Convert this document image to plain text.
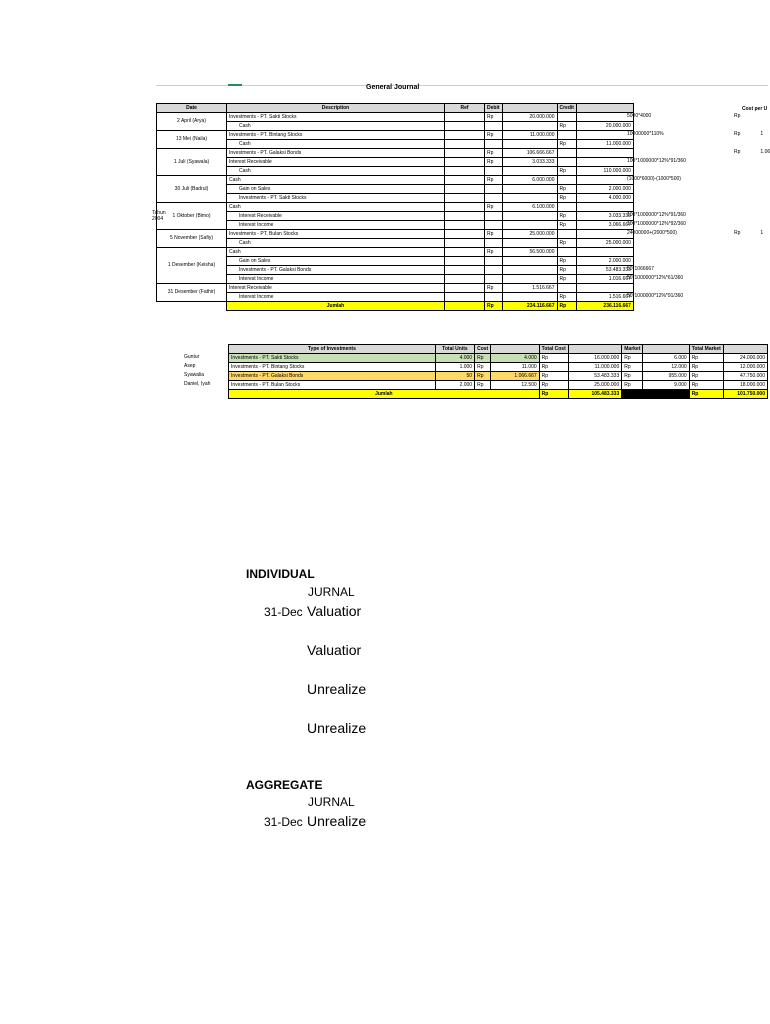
General Journal
Cost per U
Tahun
2004
Date	Description	Ref	Debit		Credit	
2 April (Arya)	Investments - PT. Sakti Stocks		Rp	20.000.000		
	Cash				Rp	20.000.000
13 Mei (Naila)	Investments - PT. Bintang Stocks		Rp	11.000.000		
	Cash				Rp	11.000.000
1 Juli (Syawala)	Investments - PT. Galaksi Bonds		Rp	106.666.667		
	Interest Receivable		Rp	3.033.333		
	Cash				Rp	110.000.000
30 Juli (Badrul)	Cash		Rp	6.000.000		
	Gain on Sales				Rp	2.000.000
	Investments - PT. Sakti Stocks				Rp	4.000.000
1 Oktober (Bimo)	Cash		Rp	6.100.000		
	Interest Receivable				Rp	3.033.333
	Interest Income				Rp	3.066.667
5 November (Safiy)	Investments - PT. Bulan Stocks		Rp	25.000.000		
	Cash				Rp	25.000.000
1 Desember (Keisha)	Cash		Rp	56.500.000		
	Gain on Sales				Rp	2.000.000
	Investments - PT. Galaksi Bonds				Rp	53.483.333
	Interest Income				Rp	1.016.667
31 Desember (Fathir)	Interest Receivable		Rp	1.516.667		
	Interest Income				Rp	1.516.667
	Jumlah		Rp	234.116.667	Rp	236.116.667
5000*4000
10000000*110%
100*1000000*12%*91/360
(1000*6000)-(1000*500)
100*1000000*12%*91/360
100*1000000*12%*92/360
24000000+(2000*500)
50*1066667
50*1000000*12%*61/360
50*1000000*12%*91/360
Rp
Rp	1
Rp	1.06
Rp	1
Guntur
Asep
Syawalia
Daniel, Iyah
Type of Investments	Total Units	Cost		Total Cost		Market		Total Market	
Investments - PT. Sakti Stocks	4.000	Rp	4.000	Rp	16.000.000	Rp	6.000	Rp	24.000.000
Investments - PT. Bintang Stocks	1.000	Rp	11.000	Rp	11.000.000	Rp	12.000	Rp	12.000.000
Investments - PT. Galaksi Bonds	50	Rp	1.066.667	Rp	53.483.333	Rp	955.000	Rp	47.750.000
Investments - PT. Bulan Stocks	2.000	Rp	12.500	Rp	25.000.000	Rp	9.000	Rp	18.000.000
Jumlah				Rp	105.483.333			Rp	101.750.000
INDIVIDUAL
JURNAL
31-Dec Valuatior
Valuatior
Unrealize
Unrealize
AGGREGATE
JURNAL
31-Dec Unrealize
